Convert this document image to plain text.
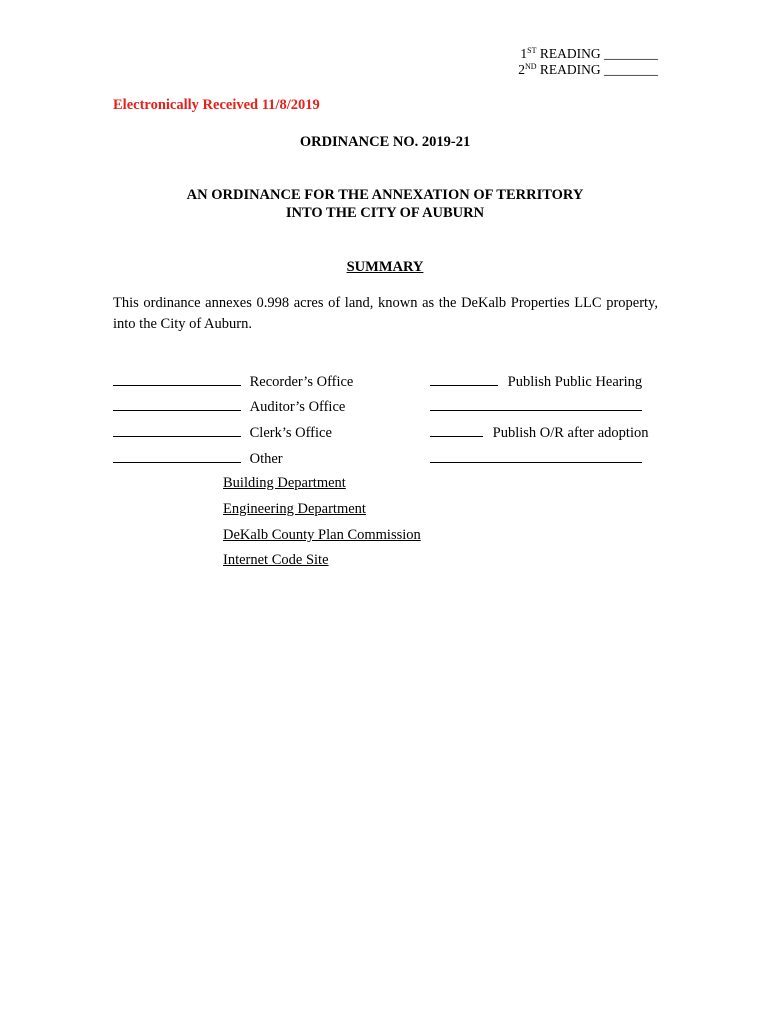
1ST READING ________
2ND READING ________
Electronically Received 11/8/2019
ORDINANCE NO. 2019-21
AN ORDINANCE FOR THE ANNEXATION OF TERRITORY
INTO THE CITY OF AUBURN
SUMMARY
This ordinance annexes 0.998 acres of land, known as the DeKalb Properties LLC property, into the City of Auburn.
Recorder’s Office
Auditor’s Office
Clerk’s Office
Other
Publish Public Hearing
Publish O/R after adoption
Building Department
Engineering Department
DeKalb County Plan Commission
Internet Code Site
